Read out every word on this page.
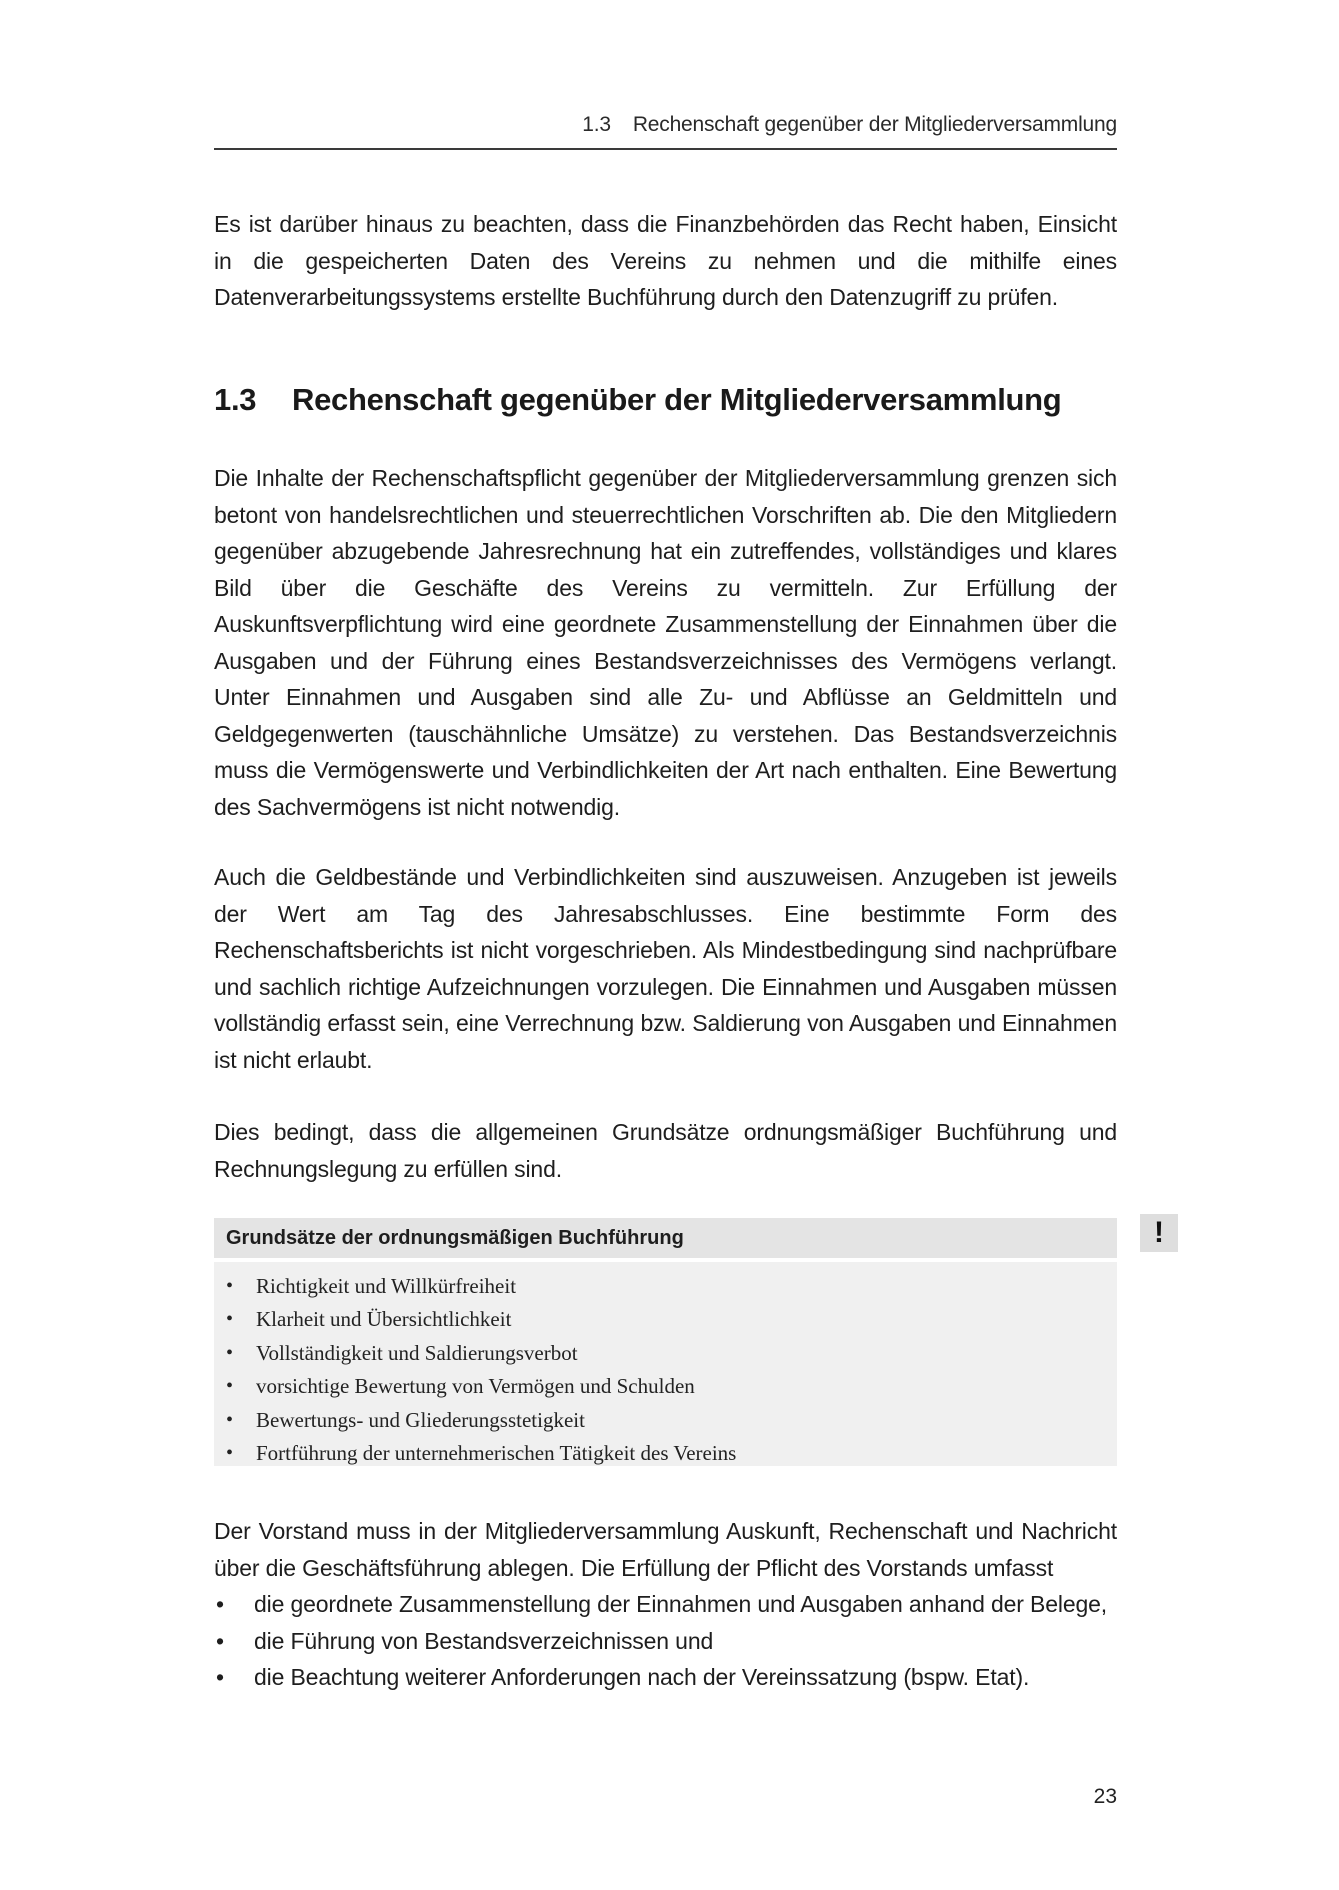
1.3 Rechenschaft gegenüber der Mitgliederversammlung

Es ist darüber hinaus zu beachten, dass die Finanzbehörden das Recht haben, Einsicht in die gespeicherten Daten des Vereins zu nehmen und die mithilfe eines Datenverarbeitungssystems erstellte Buchführung durch den Datenzugriff zu prüfen.

1.3 Rechenschaft gegenüber der Mitgliederversammlung

Die Inhalte der Rechenschaftspflicht gegenüber der Mitgliederversammlung grenzen sich betont von handelsrechtlichen und steuerrechtlichen Vorschriften ab. Die den Mitgliedern gegenüber abzugebende Jahresrechnung hat ein zutreffendes, vollständiges und klares Bild über die Geschäfte des Vereins zu vermitteln. Zur Erfüllung der Auskunftsverpflichtung wird eine geordnete Zusammenstellung der Einnahmen über die Ausgaben und der Führung eines Bestandsverzeichnisses des Vermögens verlangt. Unter Einnahmen und Ausgaben sind alle Zu- und Abflüsse an Geldmitteln und Geldgegenwerten (tauschähnliche Umsätze) zu verstehen. Das Bestandsverzeichnis muss die Vermögenswerte und Verbindlichkeiten der Art nach enthalten. Eine Bewertung des Sachvermögens ist nicht notwendig.

Auch die Geldbestände und Verbindlichkeiten sind auszuweisen. Anzugeben ist jeweils der Wert am Tag des Jahresabschlusses. Eine bestimmte Form des Rechenschaftsberichts ist nicht vorgeschrieben. Als Mindestbedingung sind nachprüfbare und sachlich richtige Aufzeichnungen vorzulegen. Die Einnahmen und Ausgaben müssen vollständig erfasst sein, eine Verrechnung bzw. Saldierung von Ausgaben und Einnahmen ist nicht erlaubt.

Dies bedingt, dass die allgemeinen Grundsätze ordnungsmäßiger Buchführung und Rechnungslegung zu erfüllen sind.

Grundsätze der ordnungsmäßigen Buchführung
• Richtigkeit und Willkürfreiheit
• Klarheit und Übersichtlichkeit
• Vollständigkeit und Saldierungsverbot
• vorsichtige Bewertung von Vermögen und Schulden
• Bewertungs- und Gliederungsstetigkeit
• Fortführung der unternehmerischen Tätigkeit des Vereins

Der Vorstand muss in der Mitgliederversammlung Auskunft, Rechenschaft und Nachricht über die Geschäftsführung ablegen. Die Erfüllung der Pflicht des Vorstands umfasst

• die geordnete Zusammenstellung der Einnahmen und Ausgaben anhand der Belege,
• die Führung von Bestandsverzeichnissen und
• die Beachtung weiterer Anforderungen nach der Vereinssatzung (bspw. Etat).
23
!
